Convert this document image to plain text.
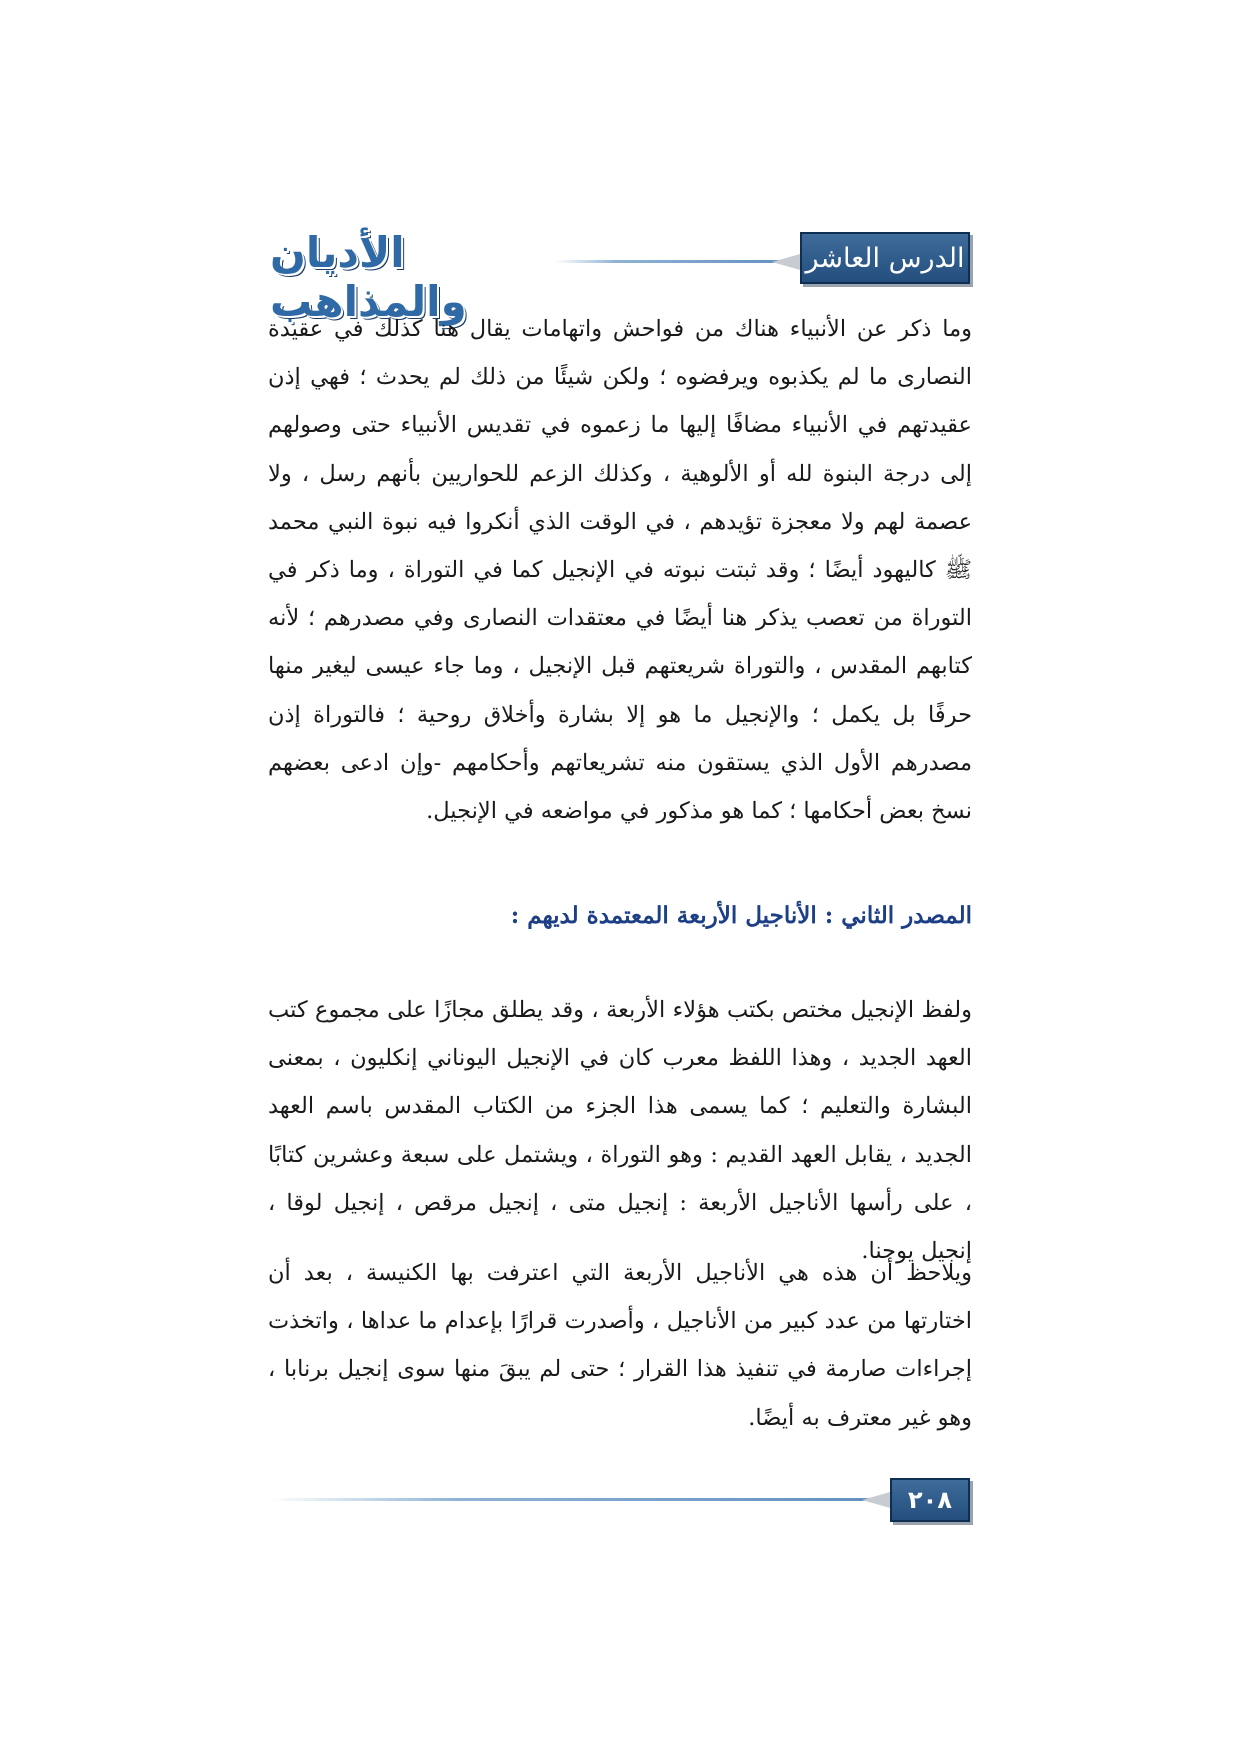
الأديان والمذاهب
الدرس العاشر

وما ذكر عن الأنبياء هناك من فواحش واتهامات يقال هنا كذلك في عقيدة النصارى ما لم يكذبوه ويرفضوه ؛ ولكن شيئًا من ذلك لم يحدث ؛ فهي إذن عقيدتهم في الأنبياء مضافًا إليها ما زعموه في تقديس الأنبياء حتى وصولهم إلى درجة البنوة لله أو الألوهية ، وكذلك الزعم للحواريين بأنهم رسل ، ولا عصمة لهم ولا معجزة تؤيدهم ، في الوقت الذي أنكروا فيه نبوة النبي محمد ﷺ كاليهود أيضًا ؛ وقد ثبتت نبوته في الإنجيل كما في التوراة ، وما ذكر في التوراة من تعصب يذكر هنا أيضًا في معتقدات النصارى وفي مصدرهم ؛ لأنه كتابهم المقدس ، والتوراة شريعتهم قبل الإنجيل ، وما جاء عيسى ليغير منها حرفًا بل يكمل ؛ والإنجيل ما هو إلا بشارة وأخلاق روحية ؛ فالتوراة إذن مصدرهم الأول الذي يستقون منه تشريعاتهم وأحكامهم -وإن ادعى بعضهم نسخ بعض أحكامها ؛ كما هو مذكور في مواضعه في الإنجيل.

المصدر الثاني : الأناجيل الأربعة المعتمدة لديهم :

ولفظ الإنجيل مختص بكتب هؤلاء الأربعة ، وقد يطلق مجازًا على مجموع كتب العهد الجديد ، وهذا اللفظ معرب كان في الإنجيل اليوناني إنكليون ، بمعنى البشارة والتعليم ؛ كما يسمى هذا الجزء من الكتاب المقدس باسم العهد الجديد ، يقابل العهد القديم : وهو التوراة ، ويشتمل على سبعة وعشرين كتابًا ، على رأسها الأناجيل الأربعة : إنجيل متى ، إنجيل مرقص ، إنجيل لوقا ، إنجيل يوحنا.

ويلاحظ أن هذه هي الأناجيل الأربعة التي اعترفت بها الكنيسة ، بعد أن اختارتها من عدد كبير من الأناجيل ، وأصدرت قرارًا بإعدام ما عداها ، واتخذت إجراءات صارمة في تنفيذ هذا القرار ؛ حتى لم يبقَ منها سوى إنجيل برنابا ، وهو غير معترف به أيضًا.

٢٠٨
